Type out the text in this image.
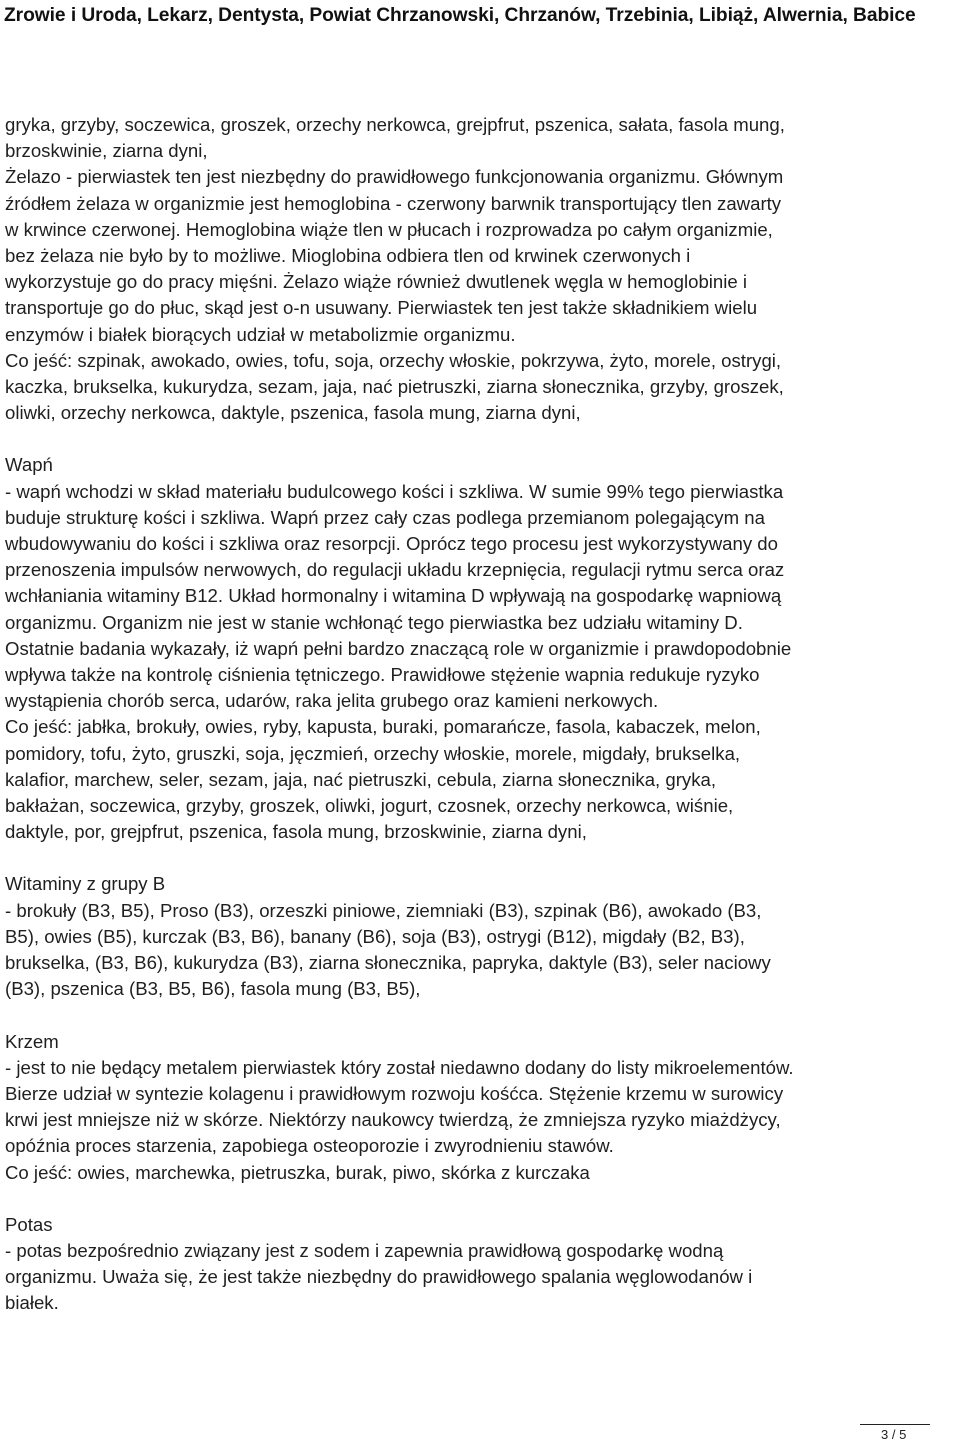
Zrowie i Uroda, Lekarz, Dentysta, Powiat Chrzanowski, Chrzanów, Trzebinia, Libiąż, Alwernia, Babice
gryka, grzyby, soczewica, groszek, orzechy nerkowca, grejpfrut, pszenica, sałata, fasola mung,
brzoskwinie, ziarna dyni,
Żelazo - pierwiastek ten jest niezbędny do prawidłowego funkcjonowania organizmu. Głównym
źródłem żelaza w organizmie jest hemoglobina - czerwony barwnik transportujący tlen zawarty
w krwince czerwonej. Hemoglobina wiąże tlen w płucach i rozprowadza po całym organizmie,
bez żelaza nie było by to możliwe. Mioglobina odbiera tlen od krwinek czerwonych i
wykorzystuje go do pracy mięśni. Żelazo wiąże również dwutlenek węgla w hemoglobinie i
transportuje go do płuc, skąd jest o-n usuwany. Pierwiastek ten jest także składnikiem wielu
enzymów i białek biorących udział w metabolizmie organizmu.
Co jeść: szpinak, awokado, owies, tofu, soja, orzechy włoskie, pokrzywa, żyto, morele, ostrygi,
kaczka, brukselka, kukurydza, sezam, jaja, nać pietruszki, ziarna słonecznika, grzyby, groszek,
oliwki, orzechy nerkowca, daktyle, pszenica, fasola mung, ziarna dyni,
Wapń
- wapń wchodzi w skład materiału budulcowego kości i szkliwa. W sumie 99% tego pierwiastka
buduje strukturę kości i szkliwa. Wapń przez cały czas podlega przemianom polegającym na
wbudowywaniu do kości i szkliwa oraz resorpcji. Oprócz tego procesu jest wykorzystywany do
przenoszenia impulsów nerwowych, do regulacji układu krzepnięcia, regulacji rytmu serca oraz
wchłaniania witaminy B12. Układ hormonalny i witamina D wpływają na gospodarkę wapniową
organizmu. Organizm nie jest w stanie wchłonąć tego pierwiastka bez udziału witaminy D.
Ostatnie badania wykazały, iż wapń pełni bardzo znaczącą role w organizmie i prawdopodobnie
wpływa także na kontrolę ciśnienia tętniczego. Prawidłowe stężenie wapnia redukuje ryzyko
wystąpienia chorób serca, udarów, raka jelita grubego oraz kamieni nerkowych.
Co jeść: jabłka, brokuły, owies, ryby, kapusta, buraki, pomarańcze, fasola, kabaczek, melon,
pomidory, tofu, żyto, gruszki, soja, jęczmień, orzechy włoskie, morele, migdały, brukselka,
kalafior, marchew, seler, sezam, jaja, nać pietruszki, cebula, ziarna słonecznika, gryka,
bakłażan, soczewica, grzyby, groszek, oliwki, jogurt, czosnek, orzechy nerkowca, wiśnie,
daktyle, por, grejpfrut, pszenica, fasola mung, brzoskwinie, ziarna dyni,
Witaminy z grupy B
- brokuły (B3, B5), Proso (B3), orzeszki piniowe, ziemniaki (B3), szpinak (B6), awokado (B3,
B5), owies (B5), kurczak (B3, B6), banany (B6), soja (B3), ostrygi (B12), migdały (B2, B3),
brukselka, (B3, B6), kukurydza (B3), ziarna słonecznika, papryka, daktyle (B3), seler naciowy
(B3), pszenica (B3, B5, B6), fasola mung (B3, B5),
Krzem
- jest to nie będący metalem pierwiastek który został niedawno dodany do listy mikroelementów.
Bierze udział w syntezie kolagenu i prawidłowym rozwoju kośćca. Stężenie krzemu w surowicy
krwi jest mniejsze niż w skórze. Niektórzy naukowcy twierdzą, że zmniejsza ryzyko miażdżycy,
opóźnia proces starzenia, zapobiega osteoporozie i zwyrodnieniu stawów.
Co jeść: owies, marchewka, pietruszka, burak, piwo, skórka z kurczaka
Potas
- potas bezpośrednio związany jest z sodem i zapewnia prawidłową gospodarkę wodną
organizmu. Uważa się, że jest także niezbędny do prawidłowego spalania węglowodanów i
białek.
3 / 5
